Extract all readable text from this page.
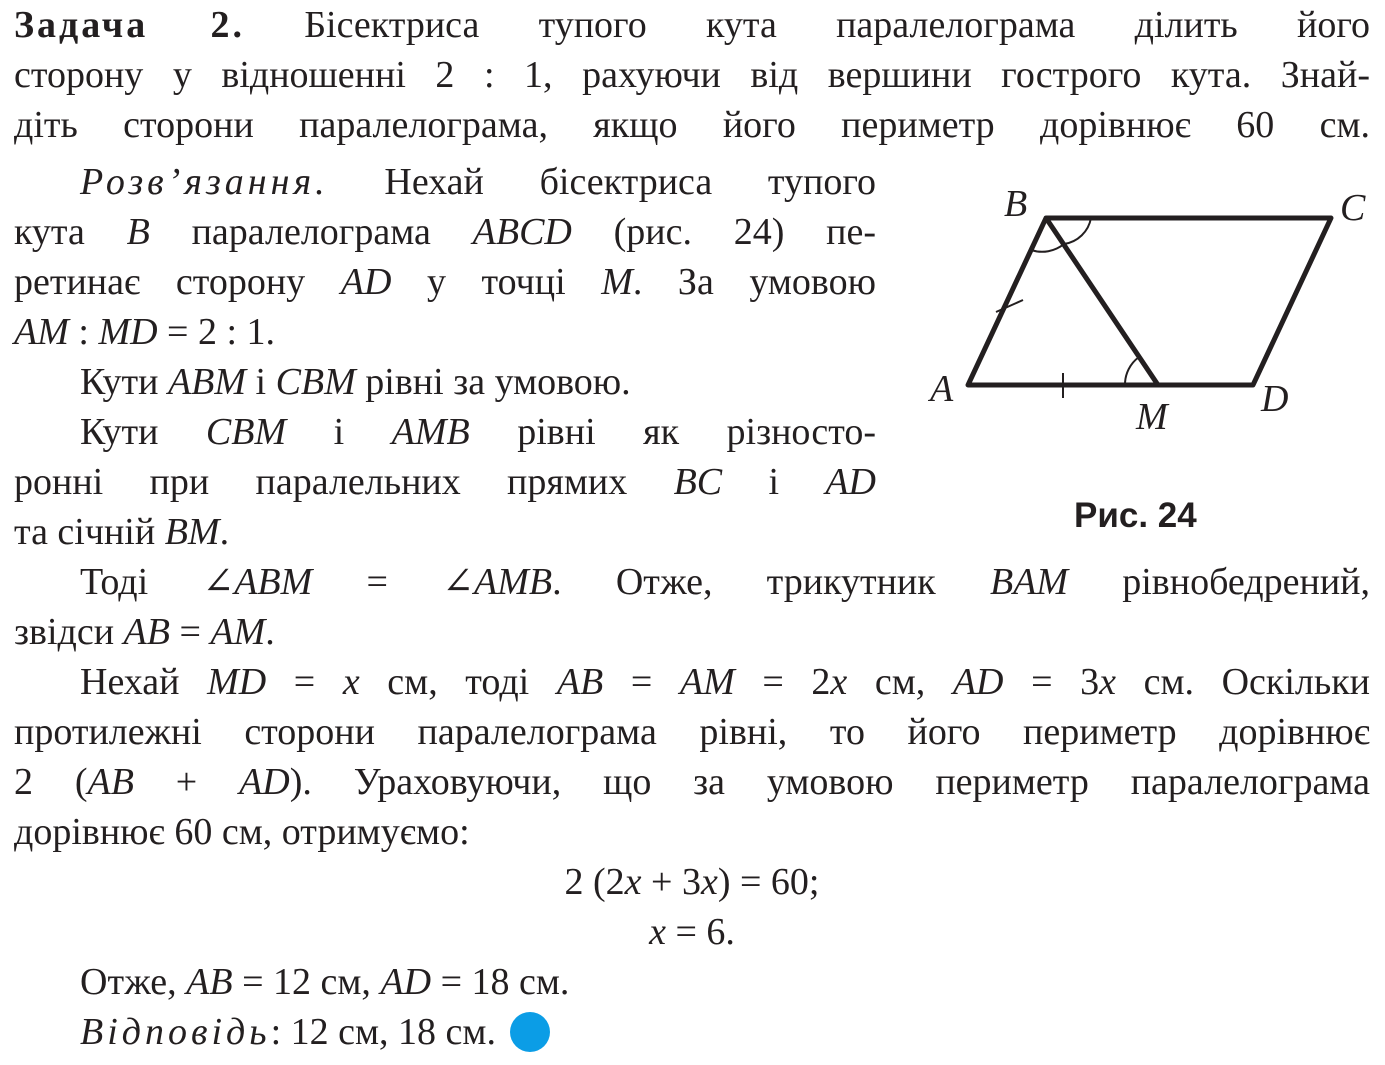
Задача 2. Бісектриса тупого кута паралелограма ділить його
сторону у відношенні 2 : 1, рахуючи від вершини гострого кута. Знай-
діть сторони паралелограма, якщо його периметр дорівнює 60 см.
Розв’язання. Нехай бісектриса тупого
кута B паралелограма ABCD (рис. 24) пе-
ретинає сторону AD у точці M. За умовою
AM : MD = 2 : 1.
Кути ABM і CBM рівні за умовою.
Кути CBM і AMB рівні як різносто-
ронні при паралельних прямих BC і AD
та січній BM.
Тоді ∠ABM = ∠AMB. Отже, трикутник BAM рівнобедрений,
звідси AB = AM.
Нехай MD = x см, тоді AB = AM = 2x см, AD = 3x см. Оскільки
протилежні сторони паралелограма рівні, то його периметр дорівнює
2 (AB + AD). Ураховуючи, що за умовою периметр паралелограма
дорівнює 60 см, отримуємо:
2 (2x + 3x) = 60;
x = 6.
Отже, AB = 12 см, AD = 18 см.
Відповідь: 12 см, 18 см.
B	C
A	D
M
Рис. 24
